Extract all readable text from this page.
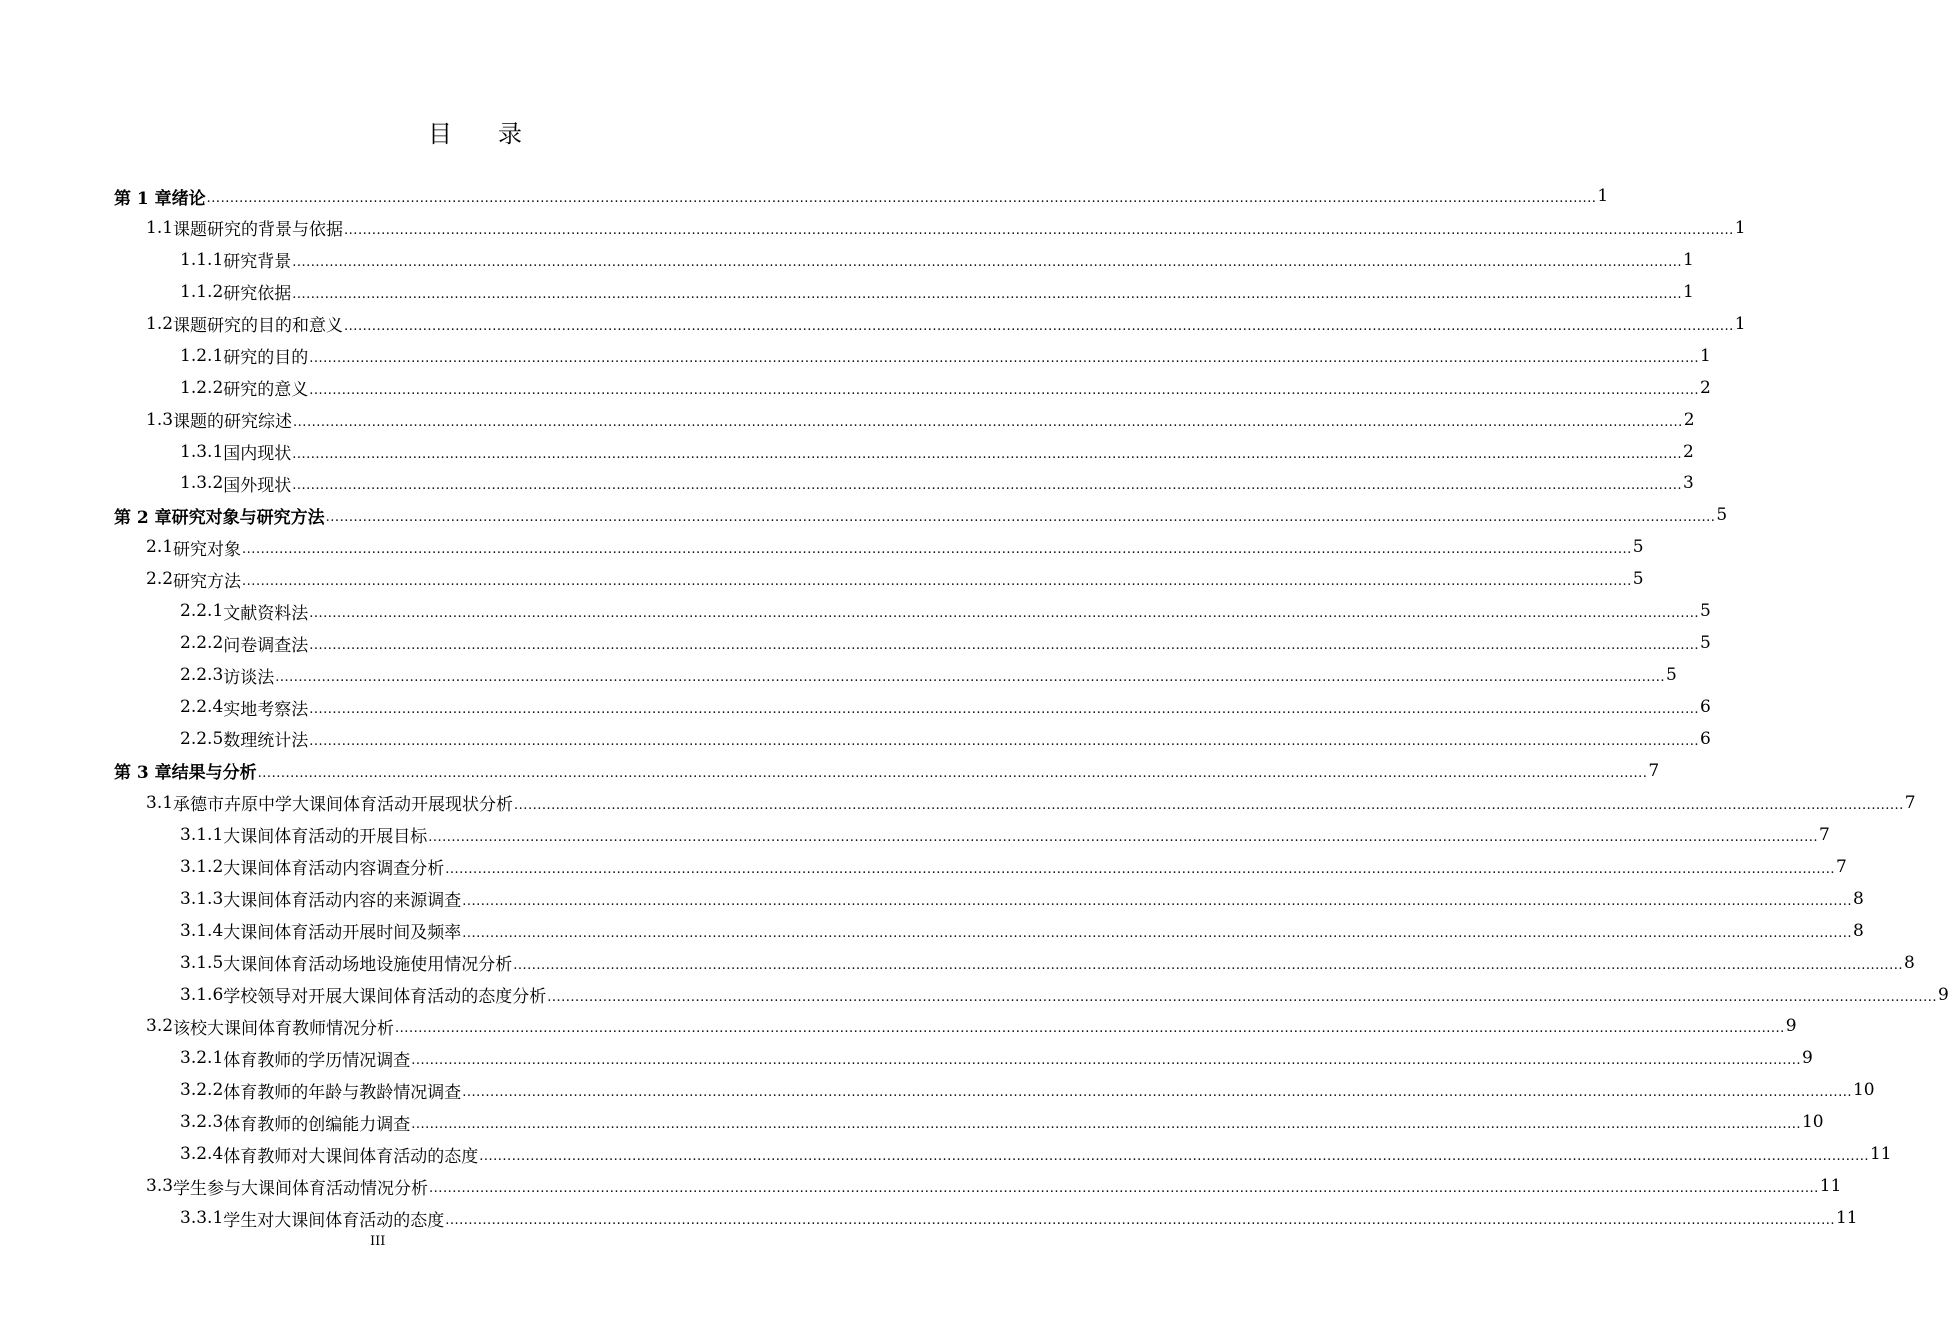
目 录
第 1 章 绪论 ............................................................................................................................................................................................................................................................................................................ 1
1.1 课题研究的背景与依据 ............................................................................................................................................................................................................................................................................................................ 1
1.1.1 研究背景 ............................................................................................................................................................................................................................................................................................................ 1
1.1.2 研究依据 ............................................................................................................................................................................................................................................................................................................ 1
1.2 课题研究的目的和意义 ............................................................................................................................................................................................................................................................................................................ 1
1.2.1 研究的目的 ............................................................................................................................................................................................................................................................................................................ 1
1.2.2 研究的意义 ............................................................................................................................................................................................................................................................................................................ 2
1.3 课题的研究综述 ............................................................................................................................................................................................................................................................................................................ 2
1.3.1 国内现状 ............................................................................................................................................................................................................................................................................................................ 2
1.3.2 国外现状 ............................................................................................................................................................................................................................................................................................................ 3
第 2 章 研究对象与研究方法 ............................................................................................................................................................................................................................................................................................................ 5
2.1 研究对象 ............................................................................................................................................................................................................................................................................................................ 5
2.2 研究方法 ............................................................................................................................................................................................................................................................................................................ 5
2.2.1 文献资料法 ............................................................................................................................................................................................................................................................................................................ 5
2.2.2 问卷调查法 ............................................................................................................................................................................................................................................................................................................ 5
2.2.3 访谈法 ............................................................................................................................................................................................................................................................................................................ 5
2.2.4 实地考察法 ............................................................................................................................................................................................................................................................................................................ 6
2.2.5 数理统计法 ............................................................................................................................................................................................................................................................................................................ 6
第 3 章 结果与分析 ............................................................................................................................................................................................................................................................................................................ 7
3.1 承德市卉原中学大课间体育活动开展现状分析 ............................................................................................................................................................................................................................................................................................................ 7
3.1.1 大课间体育活动的开展目标 ............................................................................................................................................................................................................................................................................................................ 7
3.1.2 大课间体育活动内容调查分析 ............................................................................................................................................................................................................................................................................................................ 7
3.1.3 大课间体育活动内容的来源调查 ............................................................................................................................................................................................................................................................................................................ 8
3.1.4 大课间体育活动开展时间及频率 ............................................................................................................................................................................................................................................................................................................ 8
3.1.5 大课间体育活动场地设施使用情况分析 ............................................................................................................................................................................................................................................................................................................ 8
3.1.6 学校领导对开展大课间体育活动的态度分析 ............................................................................................................................................................................................................................................................................................................ 9
3.2 该校大课间体育教师情况分析 ............................................................................................................................................................................................................................................................................................................ 9
3.2.1 体育教师的学历情况调查 ............................................................................................................................................................................................................................................................................................................ 9
3.2.2 体育教师的年龄与教龄情况调查 ............................................................................................................................................................................................................................................................................................................ 10
3.2.3 体育教师的创编能力调查 ............................................................................................................................................................................................................................................................................................................ 10
3.2.4 体育教师对大课间体育活动的态度 ............................................................................................................................................................................................................................................................................................................ 11
3.3 学生参与大课间体育活动情况分析 ............................................................................................................................................................................................................................................................................................................ 11
3.3.1 学生对大课间体育活动的态度 ............................................................................................................................................................................................................................................................................................................ 11
III
